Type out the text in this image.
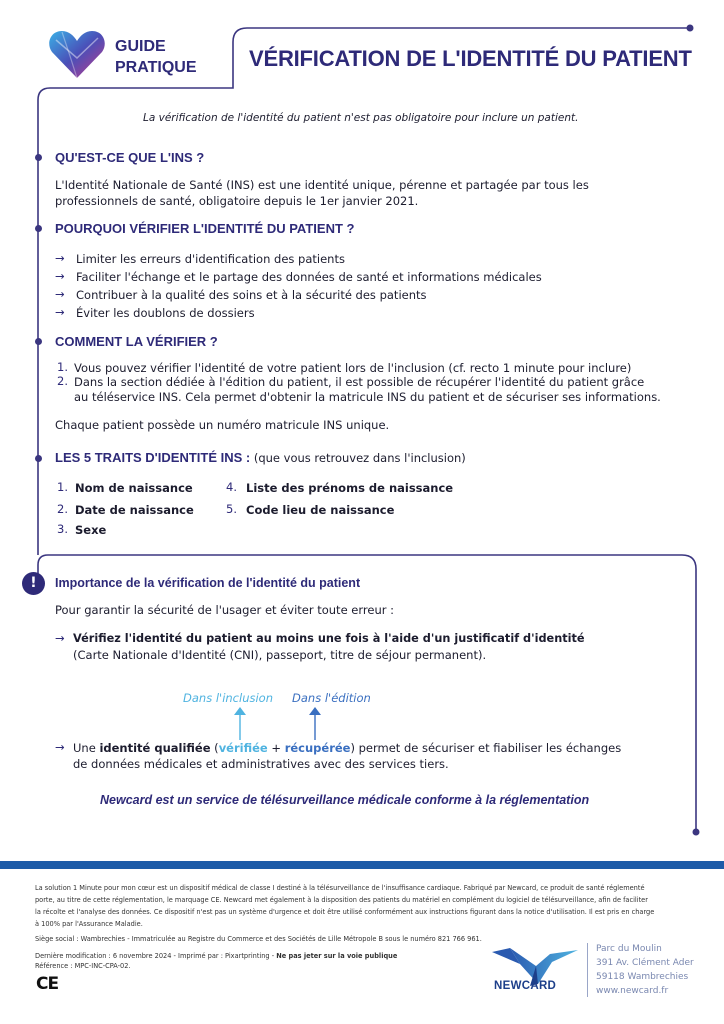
GUIDE
PRATIQUE VÉRIFICATION DE L'IDENTITÉ DU PATIENT
La vérification de l'identité du patient n'est pas obligatoire pour inclure un patient.
QU'EST-CE QUE L'INS ?
L'Identité Nationale de Santé (INS) est une identité unique, pérenne et partagée par tous les
professionnels de santé, obligatoire depuis le 1er janvier 2021.
POURQUOI VÉRIFIER L'IDENTITÉ DU PATIENT ?
→ Limiter les erreurs d'identification des patients
→ Faciliter l'échange et le partage des données de santé et informations médicales
→ Contribuer à la qualité des soins et à la sécurité des patients
→ Éviter les doublons de dossiers
COMMENT LA VÉRIFIER ?
1. Vous pouvez vérifier l'identité de votre patient lors de l'inclusion (cf. recto 1 minute pour inclure)
2. Dans la section dédiée à l'édition du patient, il est possible de récupérer l'identité du patient grâce
au téléservice INS. Cela permet d'obtenir la matricule INS du patient et de sécuriser ses informations.
Chaque patient possède un numéro matricule INS unique.
LES 5 TRAITS D'IDENTITÉ INS : (que vous retrouvez dans l'inclusion)
1. Nom de naissance
2. Date de naissance
3. Sexe
4. Liste des prénoms de naissance
5. Code lieu de naissance
!	Importance de la vérification de l'identité du patient
Pour garantir la sécurité de l'usager et éviter toute erreur :
→ Vérifiez l'identité du patient au moins une fois à l'aide d'un justificatif d'identité
(Carte Nationale d'Identité (CNI), passeport, titre de séjour permanent).
Dans l'inclusion Dans l'édition
→ Une identité qualifiée (vérifiée + récupérée) permet de sécuriser et fiabiliser les échanges
de données médicales et administratives avec des services tiers.
Newcard est un service de télésurveillance médicale conforme à la réglementation
La solution 1 Minute pour mon cœur est un dispositif médical de classe I destiné à la télésurveillance de l'insuffisance cardiaque. Fabriqué par Newcard, ce produit de santé réglementé
porte, au titre de cette réglementation, le marquage CE. Newcard met également à la disposition des patients du matériel en complément du logiciel de télésurveillance, afin de faciliter
la récolte et l'analyse des données. Ce dispositif n'est pas un système d'urgence et doit être utilisé conformément aux instructions figurant dans la notice d'utilisation. Il est pris en charge
à 100% par l'Assurance Maladie.
Siège social : Wambrechies - Immatriculée au Registre du Commerce et des Sociétés de Lille Métropole B sous le numéro 821 766 961.
Dernière modification : 6 novembre 2024 - Imprimé par : Pixartprinting - Ne pas jeter sur la voie publique
Référence : MPC-INC-CPA-02.
CE	NEWCARD
Parc du Moulin
391 Av. Clément Ader
59118 Wambrechies
www.newcard.fr
